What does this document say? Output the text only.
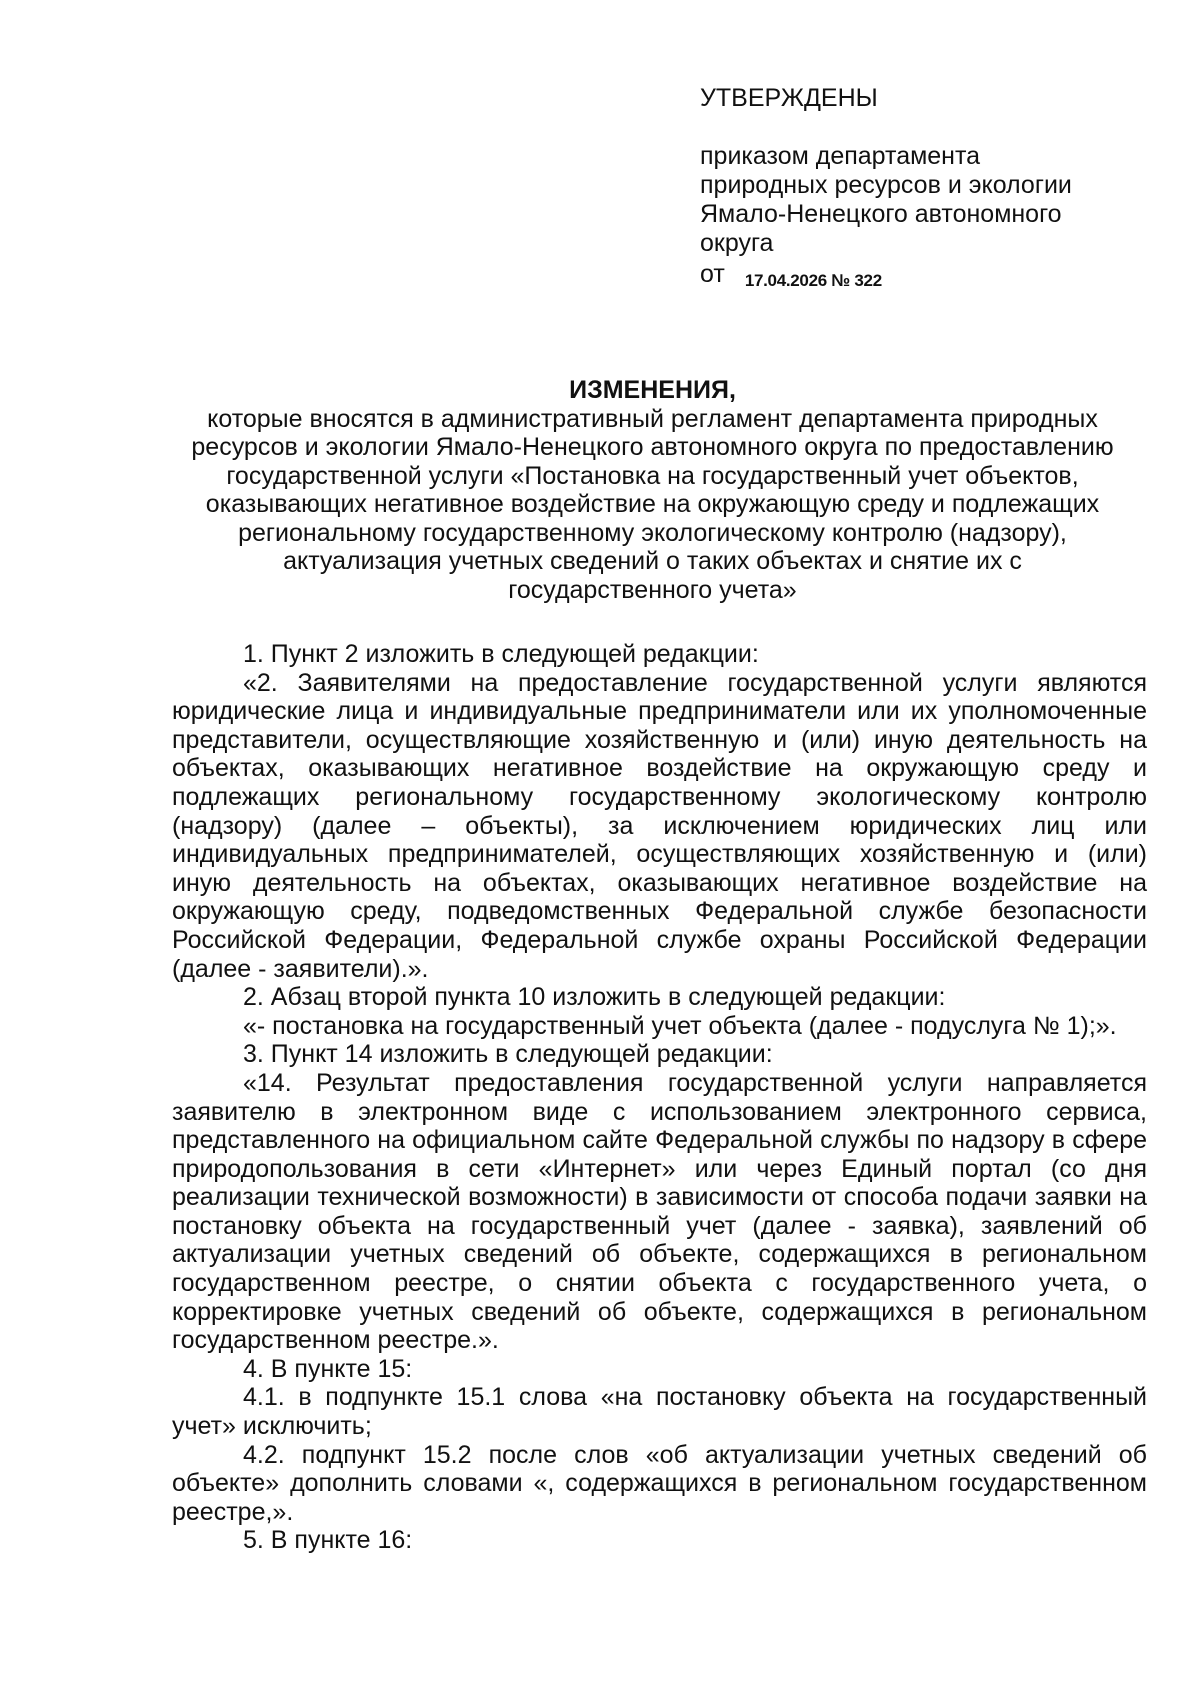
УТВЕРЖДЕНЫ
приказом департамента
природных ресурсов и экологии
Ямало-Ненецкого автономного
округа
от 17.04.2026 № 322
ИЗМЕНЕНИЯ,
которые вносятся в административный регламент департамента природных
ресурсов и экологии Ямало-Ненецкого автономного округа по предоставлению
государственной услуги «Постановка на государственный учет объектов,
оказывающих негативное воздействие на окружающую среду и подлежащих
региональному государственному экологическому контролю (надзору),
актуализация учетных сведений о таких объектах и снятие их с
государственного учета»

1. Пункт 2 изложить в следующей редакции:

«2. Заявителями на предоставление государственной услуги являются юридические лица и индивидуальные предприниматели или их уполномоченные представители, осуществляющие хозяйственную и (или) иную деятельность на объектах, оказывающих негативное воздействие на окружающую среду и подлежащих региональному государственному экологическому контролю (надзору) (далее – объекты), за исключением юридических лиц или индивидуальных предпринимателей, осуществляющих хозяйственную и (или) иную деятельность на объектах, оказывающих негативное воздействие на окружающую среду, подведомственных Федеральной службе безопасности Российской Федерации, Федеральной службе охраны Российской Федерации (далее - заявители).».

2. Абзац второй пункта 10 изложить в следующей редакции:

«- постановка на государственный учет объекта (далее - подуслуга № 1);».

3. Пункт 14 изложить в следующей редакции:

«14. Результат предоставления государственной услуги направляется заявителю в электронном виде с использованием электронного сервиса, представленного на официальном сайте Федеральной службы по надзору в сфере природопользования в сети «Интернет» или через Единый портал (со дня реализации технической возможности) в зависимости от способа подачи заявки на постановку объекта на государственный учет (далее - заявка), заявлений об актуализации учетных сведений об объекте, содержащихся в региональном государственном реестре, о снятии объекта с государственного учета, о корректировке учетных сведений об объекте, содержащихся в региональном государственном реестре.».

4. В пункте 15:

4.1. в подпункте 15.1 слова «на постановку объекта на государственный учет» исключить;

4.2. подпункт 15.2 после слов «об актуализации учетных сведений об объекте» дополнить словами «, содержащихся в региональном государственном реестре,».

5. В пункте 16:
